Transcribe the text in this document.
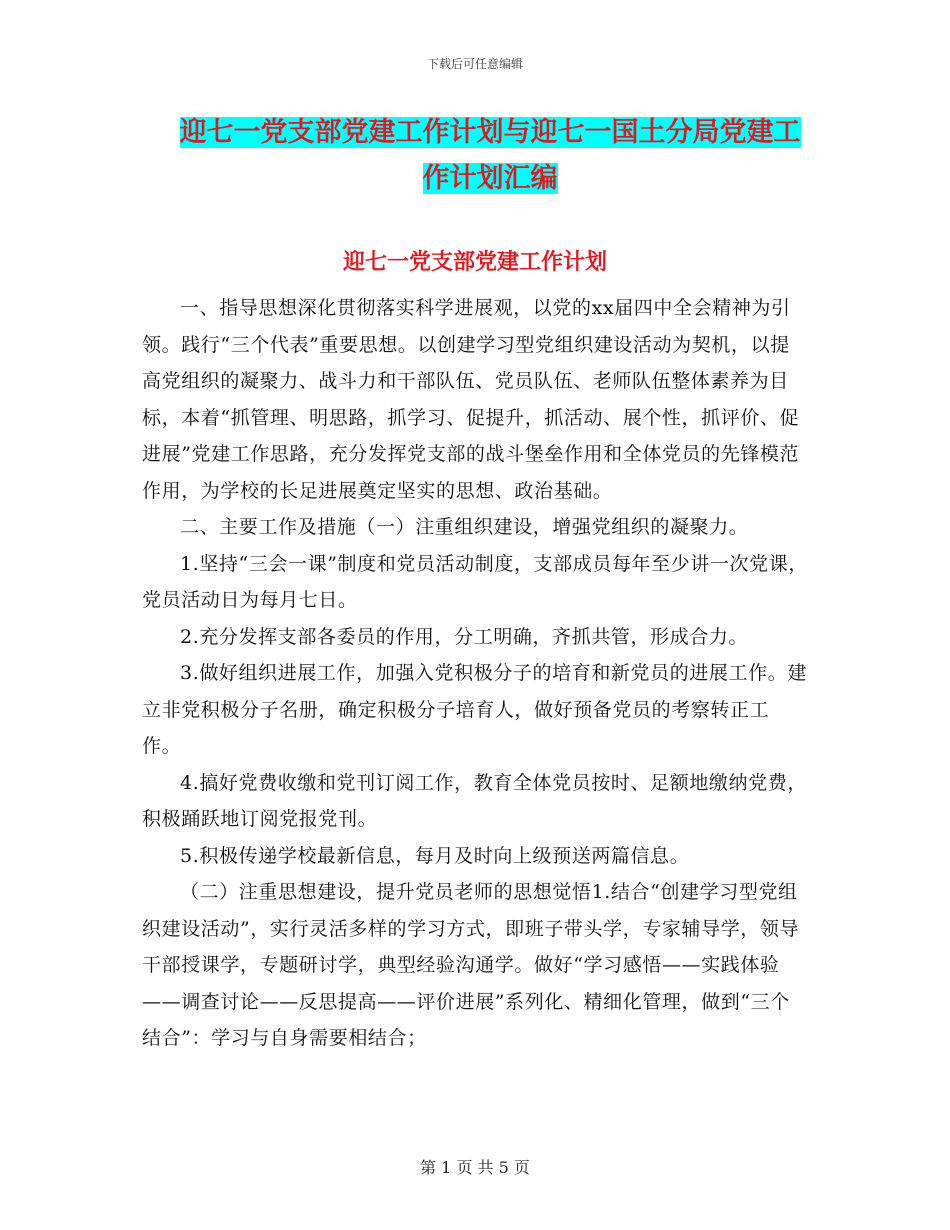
下载后可任意编辑
迎七一党支部党建工作计划与迎七一国土分局党建工
作计划汇编
迎七一党支部党建工作计划

一、指导思想深化贯彻落实科学进展观，以党的xx届四中全会精神为引领。践行“三个代表”重要思想。以创建学习型党组织建设活动为契机，以提高党组织的凝聚力、战斗力和干部队伍、党员队伍、老师队伍整体素养为目标，本着“抓管理、明思路，抓学习、促提升，抓活动、展个性，抓评价、促进展”党建工作思路，充分发挥党支部的战斗堡垒作用和全体党员的先锋模范作用，为学校的长足进展奠定坚实的思想、政治基础。

二、主要工作及措施（一）注重组织建设，增强党组织的凝聚力。

1.坚持“三会一课”制度和党员活动制度，支部成员每年至少讲一次党课，党员活动日为每月七日。

2.充分发挥支部各委员的作用，分工明确，齐抓共管，形成合力。

3.做好组织进展工作，加强入党积极分子的培育和新党员的进展工作。建立非党积极分子名册，确定积极分子培育人，做好预备党员的考察转正工作。

4.搞好党费收缴和党刊订阅工作，教育全体党员按时、足额地缴纳党费，积极踊跃地订阅党报党刊。

5.积极传递学校最新信息，每月及时向上级预送两篇信息。

（二）注重思想建设，提升党员老师的思想觉悟1.结合“创建学习型党组织建设活动”，实行灵活多样的学习方式，即班子带头学，专家辅导学，领导干部授课学，专题研讨学，典型经验沟通学。做好“学习感悟——实践体验——调查讨论——反思提高——评价进展”系列化、精细化管理，做到“三个结合”：学习与自身需要相结合；

第 1 页 共 5 页
